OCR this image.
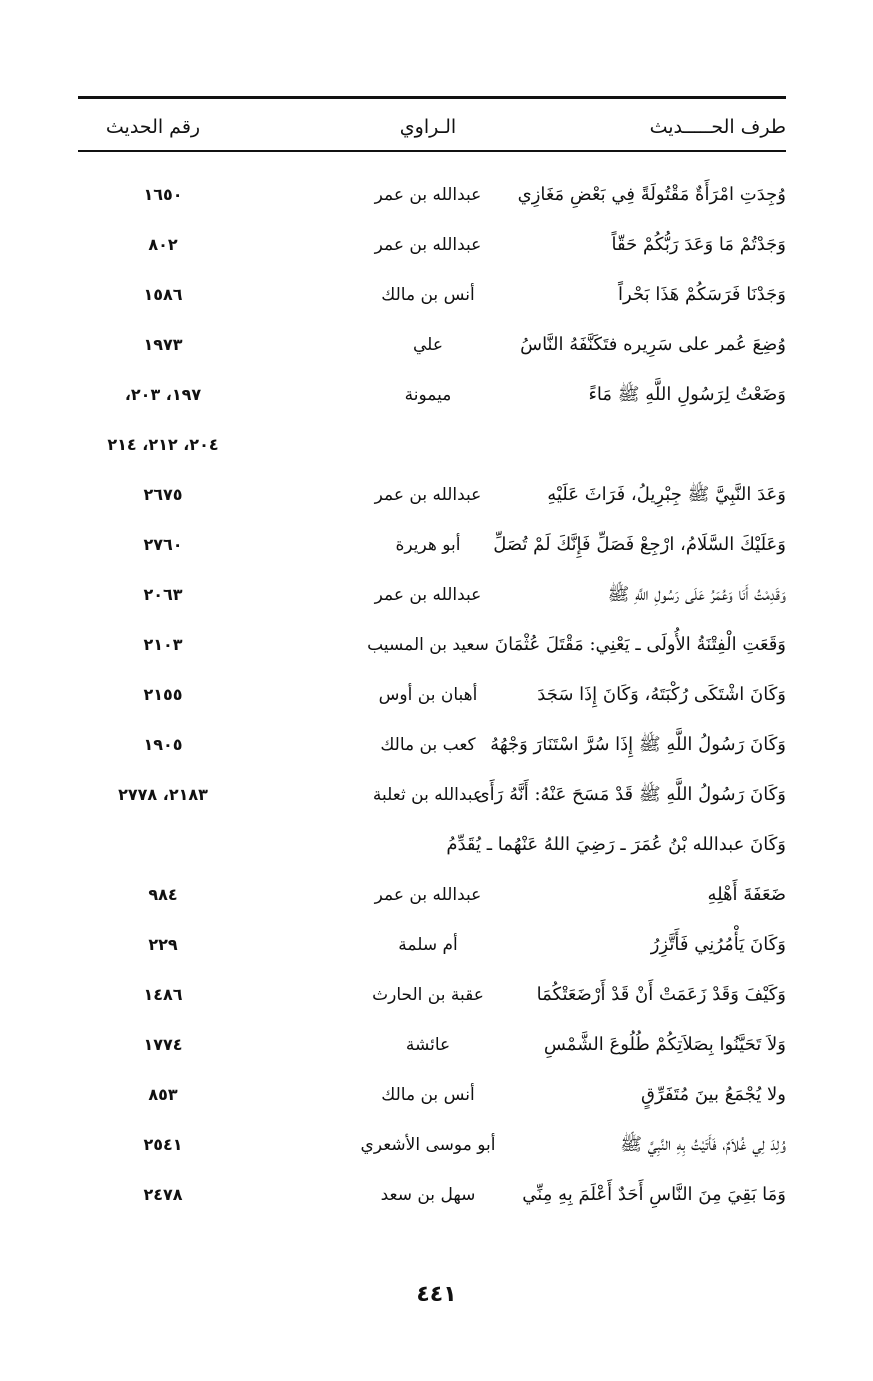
طرف الحـــــديث
الـراوي
رقم الحديث
وُجِدَتِ امْرَأَةٌ مَقْتُولَةً فِي بَعْضِ مَغَازِي
عبدالله بن عمر
١٦٥٠
وَجَدْتُمْ مَا وَعَدَ رَبُّكُمْ حَقّاً
عبدالله بن عمر
٨٠٢
وَجَدْنَا فَرَسَكُمْ هَذَا بَحْراً
أنس بن مالك
١٥٨٦
وُضِعَ عُمر على سَرِيره فتَكَنَّفَهُ النَّاسُ
علي
١٩٧٣
وَضَعْتُ لِرَسُولِ اللَّهِ ﷺ مَاءً
ميمونة
١٩٧، ٢٠٣،
٢٠٤، ٢١٢، ٢١٤
وَعَدَ النَّبِيَّ ﷺ جِبْرِيلُ، فَرَاثَ عَلَيْهِ
عبدالله بن عمر
٢٦٧٥
وَعَلَيْكَ السَّلَامُ، ارْجِعْ فَصَلِّ فَإِنَّكَ لَمْ تُصَلِّ
أبو هريرة
٢٧٦٠
وَقَدِمْتُ أَنَا وَعُمَرُ عَلَى رَسُولِ اللَّهِ ﷺ
عبدالله بن عمر
٢٠٦٣
وَقَعَتِ الْفِتْنَةُ الأُولَى ـ يَعْنِي: مَقْتَلَ عُثْمَانَ
سعيد بن المسيب
٢١٠٣
وَكَانَ اشْتَكَى رُكْبَتَهُ، وَكَانَ إِذَا سَجَدَ
أهبان بن أوس
٢١٥٥
وَكَانَ رَسُولُ اللَّهِ ﷺ إِذَا سُرَّ اسْتَنَارَ وَجْهُهُ
كعب بن مالك
١٩٠٥
وَكَانَ رَسُولُ اللَّهِ ﷺ قَدْ مَسَحَ عَنْهُ: أَنَّهُ رَأَى
عبدالله بن ثعلبة
٢١٨٣، ٢٧٧٨
وَكَانَ عبدالله بْنُ عُمَرَ ـ رَضِيَ اللهُ عَنْهُما ـ يُقَدِّمُ
ضَعَفَةَ أَهْلِهِ
عبدالله بن عمر
٩٨٤
وَكَانَ يَأْمُرُنِي فَأَتَّزِرُ
أم سلمة
٢٢٩
وَكَيْفَ وَقَدْ زَعَمَتْ أَنْ قَدْ أَرْضَعَتْكُمَا
عقبة بن الحارث
١٤٨٦
وَلاَ تَحَيَّنُوا بِصَلاَتِكُمْ طُلُوعَ الشَّمْسِ
عائشة
١٧٧٤
ولا يُجْمَعُ بينَ مُتَفَرِّقٍ
أنس بن مالك
٨٥٣
وُلِدَ لِي غُلاَمٌ، فَأَتَيْتُ بِهِ النَّبِيَّ ﷺ
أبو موسى الأشعري
٢٥٤١
وَمَا بَقِيَ مِنَ النَّاسِ أَحَدٌ أَعْلَمَ بِهِ مِنِّي
سهل بن سعد
٢٤٧٨
٤٤١
